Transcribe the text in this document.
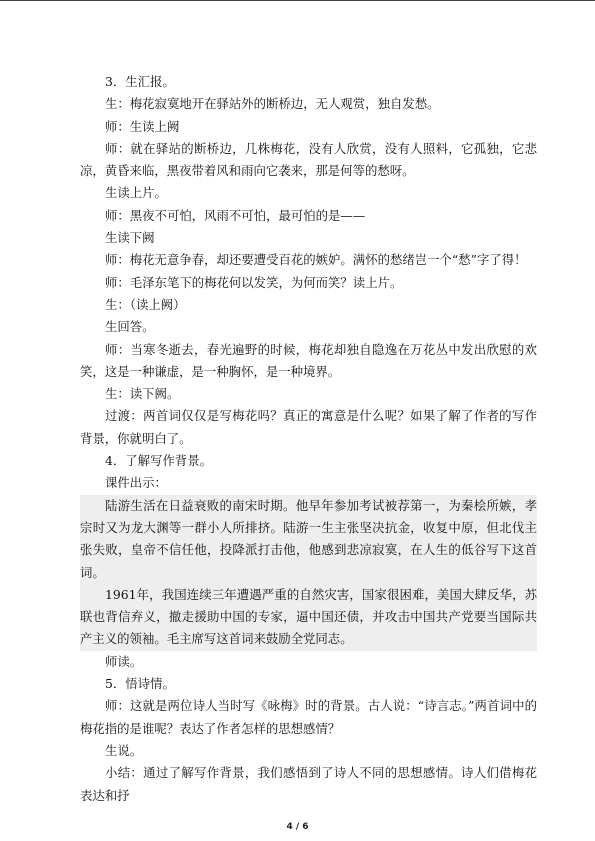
3．生汇报。

生：梅花寂寞地开在驿站外的断桥边，无人观赏，独自发愁。

师：生读上阙

师：就在驿站的断桥边，几株梅花，没有人欣赏，没有人照料，它孤独，它悲凉，黄昏来临，黑夜带着风和雨向它袭来，那是何等的愁呀。

生读上片。

师：黑夜不可怕，风雨不可怕，最可怕的是——

生读下阙

师：梅花无意争春，却还要遭受百花的嫉妒。满怀的愁绪岂一个“愁”字了得！

师：毛泽东笔下的梅花何以发笑，为何而笑？读上片。

生：（读上阙）

生回答。

师：当寒冬逝去，春光遍野的时候，梅花却独自隐逸在万花丛中发出欣慰的欢笑，这是一种谦虚，是一种胸怀，是一种境界。

生：读下阙。

过渡：两首词仅仅是写梅花吗？真正的寓意是什么呢？如果了解了作者的写作背景，你就明白了。

4．了解写作背景。

课件出示：

陆游生活在日益衰败的南宋时期。他早年参加考试被荐第一，为秦桧所嫉，孝宗时又为龙大渊等一群小人所排挤。陆游一生主张坚决抗金，收复中原，但北伐主张失败，皇帝不信任他，投降派打击他，他感到悲凉寂寞，在人生的低谷写下这首词。

1961年，我国连续三年遭遇严重的自然灾害，国家很困难，美国大肆反华，苏联也背信弃义，撤走援助中国的专家，逼中国还债，并攻击中国共产党要当国际共产主义的领袖。毛主席写这首词来鼓励全党同志。

师读。

5．悟诗情。

师：这就是两位诗人当时写《咏梅》时的背景。古人说：“诗言志。”两首词中的梅花指的是谁呢？表达了作者怎样的思想感情？

生说。

小结：通过了解写作背景，我们感悟到了诗人不同的思想感情。诗人们借梅花表达和抒

4 / 6
